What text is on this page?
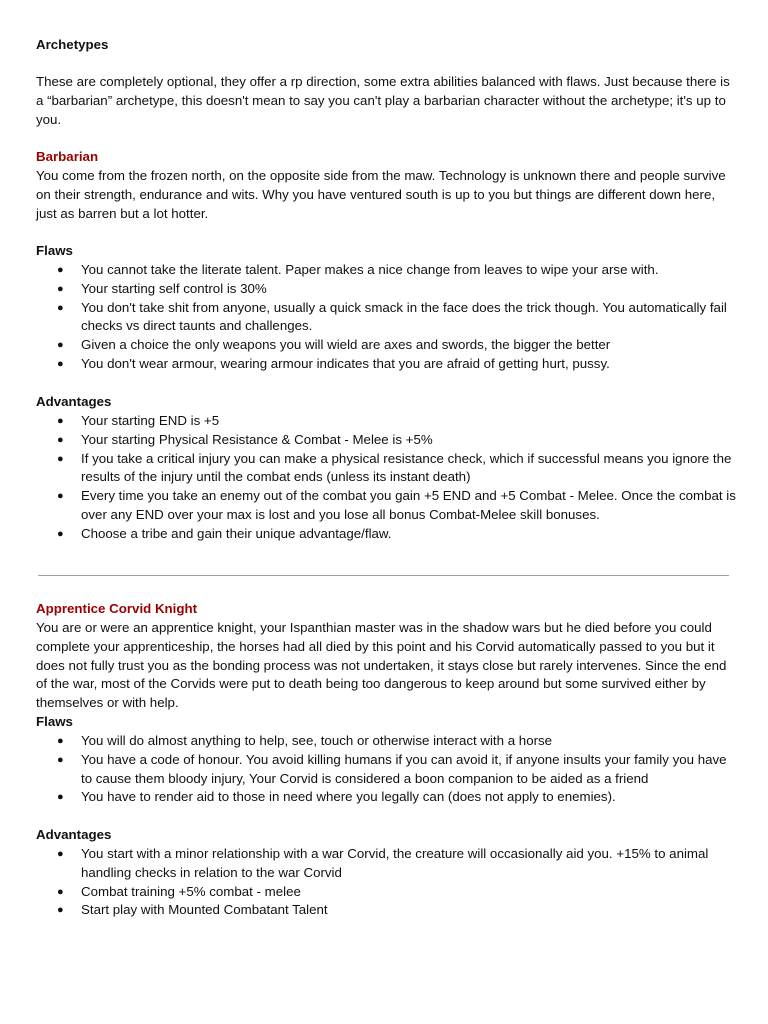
Archetypes

These are completely optional, they offer a rp direction, some extra abilities balanced with flaws. Just because there is a “barbarian” archetype, this doesn't mean to say you can't play a barbarian character without the archetype; it's up to you.

Barbarian

You come from the frozen north, on the opposite side from the maw. Technology is unknown there and people survive on their strength, endurance and wits. Why you have ventured south is up to you but things are different down here, just as barren but a lot hotter.

Flaws
● You cannot take the literate talent. Paper makes a nice change from leaves to wipe your arse with.
● Your starting self control is 30%
● You don't take shit from anyone, usually a quick smack in the face does the trick though. You automatically fail checks vs direct taunts and challenges.
● Given a choice the only weapons you will wield are axes and swords, the bigger the better
● You don't wear armour, wearing armour indicates that you are afraid of getting hurt, pussy.
Advantages
● Your starting END is +5
● Your starting Physical Resistance & Combat - Melee is +5%
● If you take a critical injury you can make a physical resistance check, which if successful means you ignore the results of the injury until the combat ends (unless its instant death)
● Every time you take an enemy out of the combat you gain +5 END and +5 Combat - Melee. Once the combat is over any END over your max is lost and you lose all bonus Combat-Melee skill bonuses.
● Choose a tribe and gain their unique advantage/flaw.
Apprentice Corvid Knight

You are or were an apprentice knight, your Ispanthian master was in the shadow wars but he died before you could complete your apprenticeship, the horses had all died by this point and his Corvid automatically passed to you but it does not fully trust you as the bonding process was not undertaken, it stays close but rarely intervenes. Since the end of the war, most of the Corvids were put to death being too dangerous to keep around but some survived either by themselves or with help.

Flaws
● You will do almost anything to help, see, touch or otherwise interact with a horse
● You have a code of honour. You avoid killing humans if you can avoid it, if anyone insults your family you have to cause them bloody injury, Your Corvid is considered a boon companion to be aided as a friend
● You have to render aid to those in need where you legally can (does not apply to enemies).
Advantages
● You start with a minor relationship with a war Corvid, the creature will occasionally aid you. +15% to animal handling checks in relation to the war Corvid
● Combat training +5% combat - melee
● Start play with Mounted Combatant Talent
